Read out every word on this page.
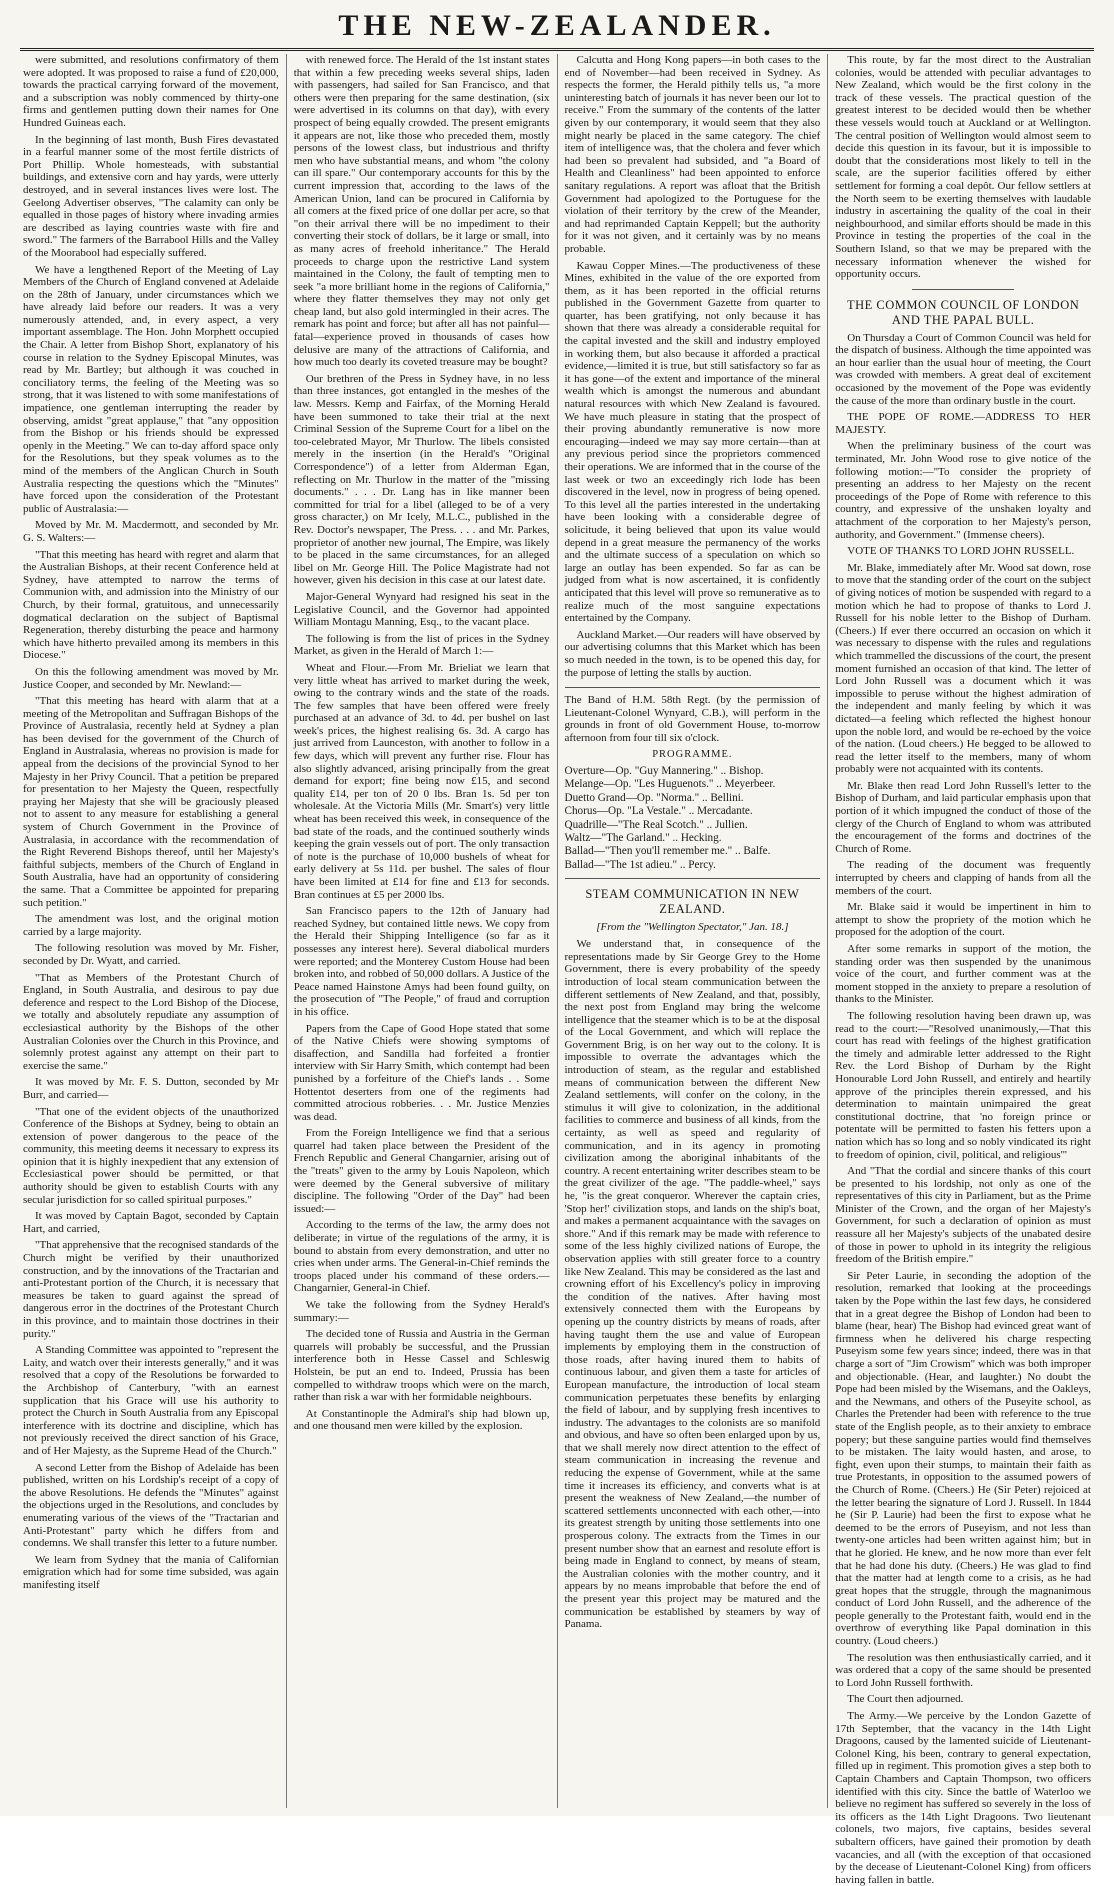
THE NEW-ZEALANDER.

were submitted, and resolutions confirmatory of them were adopted. It was proposed to raise a fund of £20,000, towards the practical carrying forward of the movement, and a subscription was nobly commenced by thirty-one firms and gentlemen putting down their names for One Hundred Guineas each.

In the beginning of last month, Bush Fires devastated in a fearful manner some of the most fertile districts of Port Phillip. Whole homesteads, with substantial buildings, and extensive corn and hay yards, were utterly destroyed, and in several instances lives were lost. The Geelong Advertiser observes, "The calamity can only be equalled in those pages of history where invading armies are described as laying countries waste with fire and sword." The farmers of the Barrabool Hills and the Valley of the Moorabool had especially suffered.

We have a lengthened Report of the Meeting of Lay Members of the Church of England convened at Adelaide on the 28th of January, under circumstances which we have already laid before our readers. It was a very numerously attended, and, in every aspect, a very important assemblage. The Hon. John Morphett occupied the Chair. A letter from Bishop Short, explanatory of his course in relation to the Sydney Episcopal Minutes, was read by Mr. Bartley; but although it was couched in conciliatory terms, the feeling of the Meeting was so strong, that it was listened to with some manifestations of impatience, one gentleman interrupting the reader by observing, amidst "great applause," that "any opposition from the Bishop or his friends should be expressed openly in the Meeting." We can to-day afford space only for the Resolutions, but they speak volumes as to the mind of the members of the Anglican Church in South Australia respecting the questions which the "Minutes" have forced upon the consideration of the Protestant public of Australasia:—

Moved by Mr. M. Macdermott, and seconded by Mr. G. S. Walters:—

"That this meeting has heard with regret and alarm that the Australian Bishops, at their recent Conference held at Sydney, have attempted to narrow the terms of Communion with, and admission into the Ministry of our Church, by their formal, gratuitous, and unnecessarily dogmatical declaration on the subject of Baptismal Regeneration, thereby disturbing the peace and harmony which have hitherto prevailed among its members in this Diocese."

On this the following amendment was moved by Mr. Justice Cooper, and seconded by Mr. Newland:—

"That this meeting has heard with alarm that at a meeting of the Metropolitan and Suffragan Bishops of the Province of Australasia, recently held at Sydney a plan has been devised for the government of the Church of England in Australasia, whereas no provision is made for appeal from the decisions of the provincial Synod to her Majesty in her Privy Council. That a petition be prepared for presentation to her Majesty the Queen, respectfully praying her Majesty that she will be graciously pleased not to assent to any measure for establishing a general system of Church Government in the Province of Australasia, in accordance with the recommendation of the Right Reverend Bishops thereof, until her Majesty's faithful subjects, members of the Church of England in South Australia, have had an opportunity of considering the same. That a Committee be appointed for preparing such petition."

The amendment was lost, and the original motion carried by a large majority.

The following resolution was moved by Mr. Fisher, seconded by Dr. Wyatt, and carried.

"That as Members of the Protestant Church of England, in South Australia, and desirous to pay due deference and respect to the Lord Bishop of the Diocese, we totally and absolutely repudiate any assumption of ecclesiastical authority by the Bishops of the other Australian Colonies over the Church in this Province, and solemnly protest against any attempt on their part to exercise the same."

It was moved by Mr. F. S. Dutton, seconded by Mr Burr, and carried—

"That one of the evident objects of the unauthorized Conference of the Bishops at Sydney, being to obtain an extension of power dangerous to the peace of the community, this meeting deems it necessary to express its opinion that it is highly inexpedient that any extension of Ecclesiastical power should be permitted, or that authority should be given to establish Courts with any secular jurisdiction for so called spiritual purposes."

It was moved by Captain Bagot, seconded by Captain Hart, and carried,

"That apprehensive that the recognised standards of the Church might be verified by their unauthorized construction, and by the innovations of the Tractarian and anti-Protestant portion of the Church, it is necessary that measures be taken to guard against the spread of dangerous error in the doctrines of the Protestant Church in this province, and to maintain those doctrines in their purity."

A Standing Committee was appointed to "represent the Laity, and watch over their interests generally," and it was resolved that a copy of the Resolutions be forwarded to the Archbishop of Canterbury, "with an earnest supplication that his Grace will use his authority to protect the Church in South Australia from any Episcopal interference with its doctrine and discipline, which has not previously received the direct sanction of his Grace, and of Her Majesty, as the Supreme Head of the Church."

A second Letter from the Bishop of Adelaide has been published, written on his Lordship's receipt of a copy of the above Resolutions. He defends the "Minutes" against the objections urged in the Resolutions, and concludes by enumerating various of the views of the "Tractarian and Anti-Protestant" party which he differs from and condemns. We shall transfer this letter to a future number.

We learn from Sydney that the mania of Californian emigration which had for some time subsided, was again manifesting itself

with renewed force. The Herald of the 1st instant states that within a few preceding weeks several ships, laden with passengers, had sailed for San Francisco, and that others were then preparing for the same destination, (six were advertised in its columns on that day), with every prospect of being equally crowded. The present emigrants it appears are not, like those who preceded them, mostly persons of the lowest class, but industrious and thrifty men who have substantial means, and whom "the colony can ill spare." Our contemporary accounts for this by the current impression that, according to the laws of the American Union, land can be procured in California by all comers at the fixed price of one dollar per acre, so that "on their arrival there will be no impediment to their converting their stock of dollars, be it large or small, into as many acres of freehold inheritance." The Herald proceeds to charge upon the restrictive Land system maintained in the Colony, the fault of tempting men to seek "a more brilliant home in the regions of California," where they flatter themselves they may not only get cheap land, but also gold intermingled in their acres. The remark has point and force; but after all has not painful—fatal—experience proved in thousands of cases how delusive are many of the attractions of California, and how much too dearly its coveted treasure may be bought?

Our brethren of the Press in Sydney have, in no less than three instances, got entangled in the meshes of the law. Messrs. Kemp and Fairfax, of the Morning Herald have been summoned to take their trial at the next Criminal Session of the Supreme Court for a libel on the too-celebrated Mayor, Mr Thurlow. The libels consisted merely in the insertion (in the Herald's "Original Correspondence") of a letter from Alderman Egan, reflecting on Mr. Thurlow in the matter of the "missing documents." . . . Dr. Lang has in like manner been committed for trial for a libel (alleged to be of a very gross character,) on Mr Icely, M.L.C., published in the Rev. Doctor's newspaper, The Press. . . . and Mr. Parkes, proprietor of another new journal, The Empire, was likely to be placed in the same circumstances, for an alleged libel on Mr. George Hill. The Police Magistrate had not however, given his decision in this case at our latest date.

Major-General Wynyard had resigned his seat in the Legislative Council, and the Governor had appointed William Montagu Manning, Esq., to the vacant place.

The following is from the list of prices in the Sydney Market, as given in the Herald of March 1:—

Wheat and Flour.—From Mr. Brieliat we learn that very little wheat has arrived to market during the week, owing to the contrary winds and the state of the roads. The few samples that have been offered were freely purchased at an advance of 3d. to 4d. per bushel on last week's prices, the highest realising 6s. 3d. A cargo has just arrived from Launceston, with another to follow in a few days, which will prevent any further rise. Flour has also slightly advanced, arising principally from the great demand for export; fine being now £15, and second quality £14, per ton of 20 0 lbs. Bran 1s. 5d per ton wholesale. At the Victoria Mills (Mr. Smart's) very little wheat has been received this week, in consequence of the bad state of the roads, and the continued southerly winds keeping the grain vessels out of port. The only transaction of note is the purchase of 10,000 bushels of wheat for early delivery at 5s 11d. per bushel. The sales of flour have been limited at £14 for fine and £13 for seconds. Bran continues at £5 per 2000 lbs.

San Francisco papers to the 12th of January had reached Sydney, but contained little news. We copy from the Herald their Shipping Intelligence (so far as it possesses any interest here). Several diabolical murders were reported; and the Monterey Custom House had been broken into, and robbed of 50,000 dollars. A Justice of the Peace named Hainstone Amys had been found guilty, on the prosecution of "The People," of fraud and corruption in his office.

Papers from the Cape of Good Hope stated that some of the Native Chiefs were showing symptoms of disaffection, and Sandilla had forfeited a frontier interview with Sir Harry Smith, which contempt had been punished by a forfeiture of the Chief's lands . . Some Hottentot deserters from one of the regiments had committed atrocious robberies. . . Mr. Justice Menzies was dead.

From the Foreign Intelligence we find that a serious quarrel had taken place between the President of the French Republic and General Changarnier, arising out of the "treats" given to the army by Louis Napoleon, which were deemed by the General subversive of military discipline. The following "Order of the Day" had been issued:—

According to the terms of the law, the army does not deliberate; in virtue of the regulations of the army, it is bound to abstain from every demonstration, and utter no cries when under arms. The General-in-Chief reminds the troops placed under his command of these orders.—Changarnier, General-in Chief.

We take the following from the Sydney Herald's summary:—

The decided tone of Russia and Austria in the German quarrels will probably be successful, and the Prussian interference both in Hesse Cassel and Schleswig Holstein, be put an end to. Indeed, Prussia has been compelled to withdraw troops which were on the march, rather than risk a war with her formidable neighbours.

At Constantinople the Admiral's ship had blown up, and one thousand men were killed by the explosion.

Calcutta and Hong Kong papers—in both cases to the end of November—had been received in Sydney. As respects the former, the Herald pithily tells us, "a more uninteresting batch of journals it has never been our lot to receive." From the summary of the contents of the latter given by our contemporary, it would seem that they also might nearly be placed in the same category. The chief item of intelligence was, that the cholera and fever which had been so prevalent had subsided, and "a Board of Health and Cleanliness" had been appointed to enforce sanitary regulations. A report was afloat that the British Government had apologized to the Portuguese for the violation of their territory by the crew of the Meander, and had reprimanded Captain Keppell; but the authority for it was not given, and it certainly was by no means probable.

Kawau Copper Mines.—The productiveness of these Mines, exhibited in the value of the ore exported from them, as it has been reported in the official returns published in the Government Gazette from quarter to quarter, has been gratifying, not only because it has shown that there was already a considerable requital for the capital invested and the skill and industry employed in working them, but also because it afforded a practical evidence,—limited it is true, but still satisfactory so far as it has gone—of the extent and importance of the mineral wealth which is amongst the numerous and abundant natural resources with which New Zealand is favoured. We have much pleasure in stating that the prospect of their proving abundantly remunerative is now more encouraging—indeed we may say more certain—than at any previous period since the proprietors commenced their operations. We are informed that in the course of the last week or two an exceedingly rich lode has been discovered in the level, now in progress of being opened. To this level all the parties interested in the undertaking have been looking with a considerable degree of solicitude, it being believed that upon its value would depend in a great measure the permanency of the works and the ultimate success of a speculation on which so large an outlay has been expended. So far as can be judged from what is now ascertained, it is confidently anticipated that this level will prove so remunerative as to realize much of the most sanguine expectations entertained by the Company.

Auckland Market.—Our readers will have observed by our advertising columns that this Market which has been so much needed in the town, is to be opened this day, for the purpose of letting the stalls by auction.

The Band of H.M. 58th Regt. (by the permission of Lieutenant-Colonel Wynyard, C.B.), will perform in the grounds in front of old Government House, to-morrow afternoon from four till six o'clock.

PROGRAMME.
Overture—Op. "Guy Mannering." .. Bishop.
Melange—Op. "Les Huguenots." .. Meyerbeer.
Duetto Grand—Op. "Norma." .. Bellini.
Chorus—Op. "La Vestale." .. Mercadante.
Quadrille—"The Real Scotch." .. Jullien.
Waltz—"The Garland." .. Hecking.
Ballad—"Then you'll remember me." .. Balfe.
Ballad—"The 1st adieu." .. Percy.
STEAM COMMUNICATION IN NEW ZEALAND.
[From the "Wellington Spectator," Jan. 18.]

We understand that, in consequence of the representations made by Sir George Grey to the Home Government, there is every probability of the speedy introduction of local steam communication between the different settlements of New Zealand, and that, possibly, the next post from England may bring the welcome intelligence that the steamer which is to be at the disposal of the Local Government, and which will replace the Government Brig, is on her way out to the colony. It is impossible to overrate the advantages which the introduction of steam, as the regular and established means of communication between the different New Zealand settlements, will confer on the colony, in the stimulus it will give to colonization, in the additional facilities to commerce and business of all kinds, from the certainty, as well as speed and regularity of communication, and in its agency in promoting civilization among the aboriginal inhabitants of the country. A recent entertaining writer describes steam to be the great civilizer of the age. "The paddle-wheel," says he, "is the great conqueror. Wherever the captain cries, 'Stop her!' civilization stops, and lands on the ship's boat, and makes a permanent acquaintance with the savages on shore." And if this remark may be made with reference to some of the less highly civilized nations of Europe, the observation applies with still greater force to a country like New Zealand. This may be considered as the last and crowning effort of his Excellency's policy in improving the condition of the natives. After having most extensively connected them with the Europeans by opening up the country districts by means of roads, after having taught them the use and value of European implements by employing them in the construction of those roads, after having inured them to habits of continuous labour, and given them a taste for articles of European manufacture, the introduction of local steam communication perpetuates these benefits by enlarging the field of labour, and by supplying fresh incentives to industry. The advantages to the colonists are so manifold and obvious, and have so often been enlarged upon by us, that we shall merely now direct attention to the effect of steam communication in increasing the revenue and reducing the expense of Government, while at the same time it increases its efficiency, and converts what is at present the weakness of New Zealand,—the number of scattered settlements unconnected with each other,—into its greatest strength by uniting those settlements into one prosperous colony. The extracts from the Times in our present number show that an earnest and resolute effort is being made in England to connect, by means of steam, the Australian colonies with the mother country, and it appears by no means improbable that before the end of the present year this project may be matured and the communication be established by steamers by way of Panama.

This route, by far the most direct to the Australian colonies, would be attended with peculiar advantages to New Zealand, which would be the first colony in the track of these vessels. The practical question of the greatest interest to be decided would then be whether these vessels would touch at Auckland or at Wellington. The central position of Wellington would almost seem to decide this question in its favour, but it is impossible to doubt that the considerations most likely to tell in the scale, are the superior facilities offered by either settlement for forming a coal depôt. Our fellow settlers at the North seem to be exerting themselves with laudable industry in ascertaining the quality of the coal in their neighbourhood, and similar efforts should be made in this Province in testing the properties of the coal in the Southern Island, so that we may be prepared with the necessary information whenever the wished for opportunity occurs.

THE COMMON COUNCIL OF LONDON AND THE PAPAL BULL.

On Thursday a Court of Common Council was held for the dispatch of business. Although the time appointed was an hour earlier than the usual hour of meeting, the Court was crowded with members. A great deal of excitement occasioned by the movement of the Pope was evidently the cause of the more than ordinary bustle in the court.

THE POPE OF ROME.—ADDRESS TO HER MAJESTY.

When the preliminary business of the court was terminated, Mr. John Wood rose to give notice of the following motion:—"To consider the propriety of presenting an address to her Majesty on the recent proceedings of the Pope of Rome with reference to this country, and expressive of the unshaken loyalty and attachment of the corporation to her Majesty's person, authority, and Government." (Immense cheers).

VOTE OF THANKS TO LORD JOHN RUSSELL.

Mr. Blake, immediately after Mr. Wood sat down, rose to move that the standing order of the court on the subject of giving notices of motion be suspended with regard to a motion which he had to propose of thanks to Lord J. Russell for his noble letter to the Bishop of Durham. (Cheers.) If ever there occurred an occasion on which it was necessary to dispense with the rules and regulations which trammelled the discussions of the court, the present moment furnished an occasion of that kind. The letter of Lord John Russell was a document which it was impossible to peruse without the highest admiration of the independent and manly feeling by which it was dictated—a feeling which reflected the highest honour upon the noble lord, and would be re-echoed by the voice of the nation. (Loud cheers.) He begged to be allowed to read the letter itself to the members, many of whom probably were not acquainted with its contents.

Mr. Blake then read Lord John Russell's letter to the Bishop of Durham, and laid particular emphasis upon that portion of it which impugned the conduct of those of the clergy of the Church of England to whom was attributed the encouragement of the forms and doctrines of the Church of Rome.

The reading of the document was frequently interrupted by cheers and clapping of hands from all the members of the court.

Mr. Blake said it would be impertinent in him to attempt to show the propriety of the motion which he proposed for the adoption of the court.

After some remarks in support of the motion, the standing order was then suspended by the unanimous voice of the court, and further comment was at the moment stopped in the anxiety to prepare a resolution of thanks to the Minister.

The following resolution having been drawn up, was read to the court:—"Resolved unanimously,—That this court has read with feelings of the highest gratification the timely and admirable letter addressed to the Right Rev. the Lord Bishop of Durham by the Right Honourable Lord John Russell, and entirely and heartily approve of the principles therein expressed, and his determination to maintain unimpaired the great constitutional doctrine, that 'no foreign prince or potentate will be permitted to fasten his fetters upon a nation which has so long and so nobly vindicated its right to freedom of opinion, civil, political, and religious'"

And "That the cordial and sincere thanks of this court be presented to his lordship, not only as one of the representatives of this city in Parliament, but as the Prime Minister of the Crown, and the organ of her Majesty's Government, for such a declaration of opinion as must reassure all her Majesty's subjects of the unabated desire of those in power to uphold in its integrity the religious freedom of the British empire."

Sir Peter Laurie, in seconding the adoption of the resolution, remarked that looking at the proceedings taken by the Pope within the last few days, he considered that in a great degree the Bishop of London had been to blame (hear, hear) The Bishop had evinced great want of firmness when he delivered his charge respecting Puseyism some few years since; indeed, there was in that charge a sort of "Jim Crowism" which was both improper and objectionable. (Hear, and laughter.) No doubt the Pope had been misled by the Wisemans, and the Oakleys, and the Newmans, and others of the Puseyite school, as Charles the Pretender had been with reference to the true state of the English people, as to their anxiety to embrace popery; but these sanguine parties would find themselves to be mistaken. The laity would hasten, and arose, to fight, even upon their stumps, to maintain their faith as true Protestants, in opposition to the assumed powers of the Church of Rome. (Cheers.) He (Sir Peter) rejoiced at the letter bearing the signature of Lord J. Russell. In 1844 he (Sir P. Laurie) had been the first to expose what he deemed to be the errors of Puseyism, and not less than twenty-one articles had been written against him; but in that he gloried. He knew, and he now more than ever felt that he had done his duty. (Cheers.) He was glad to find that the matter had at length come to a crisis, as he had great hopes that the struggle, through the magnanimous conduct of Lord John Russell, and the adherence of the people generally to the Protestant faith, would end in the overthrow of everything like Papal domination in this country. (Loud cheers.)

The resolution was then enthusiastically carried, and it was ordered that a copy of the same should be presented to Lord John Russell forthwith.

The Court then adjourned.

The Army.—We perceive by the London Gazette of 17th September, that the vacancy in the 14th Light Dragoons, caused by the lamented suicide of Lieutenant-Colonel King, his been, contrary to general expectation, filled up in regiment. This promotion gives a step both to Captain Chambers and Captain Thompson, two officers identified with this city. Since the battle of Waterloo we believe no regiment has suffered so severely in the loss of its officers as the 14th Light Dragoons. Two lieutenant colonels, two majors, five captains, besides several subaltern officers, have gained their promotion by death vacancies, and all (with the exception of that occasioned by the decease of Lieutenant-Colonel King) from officers having fallen in battle.
